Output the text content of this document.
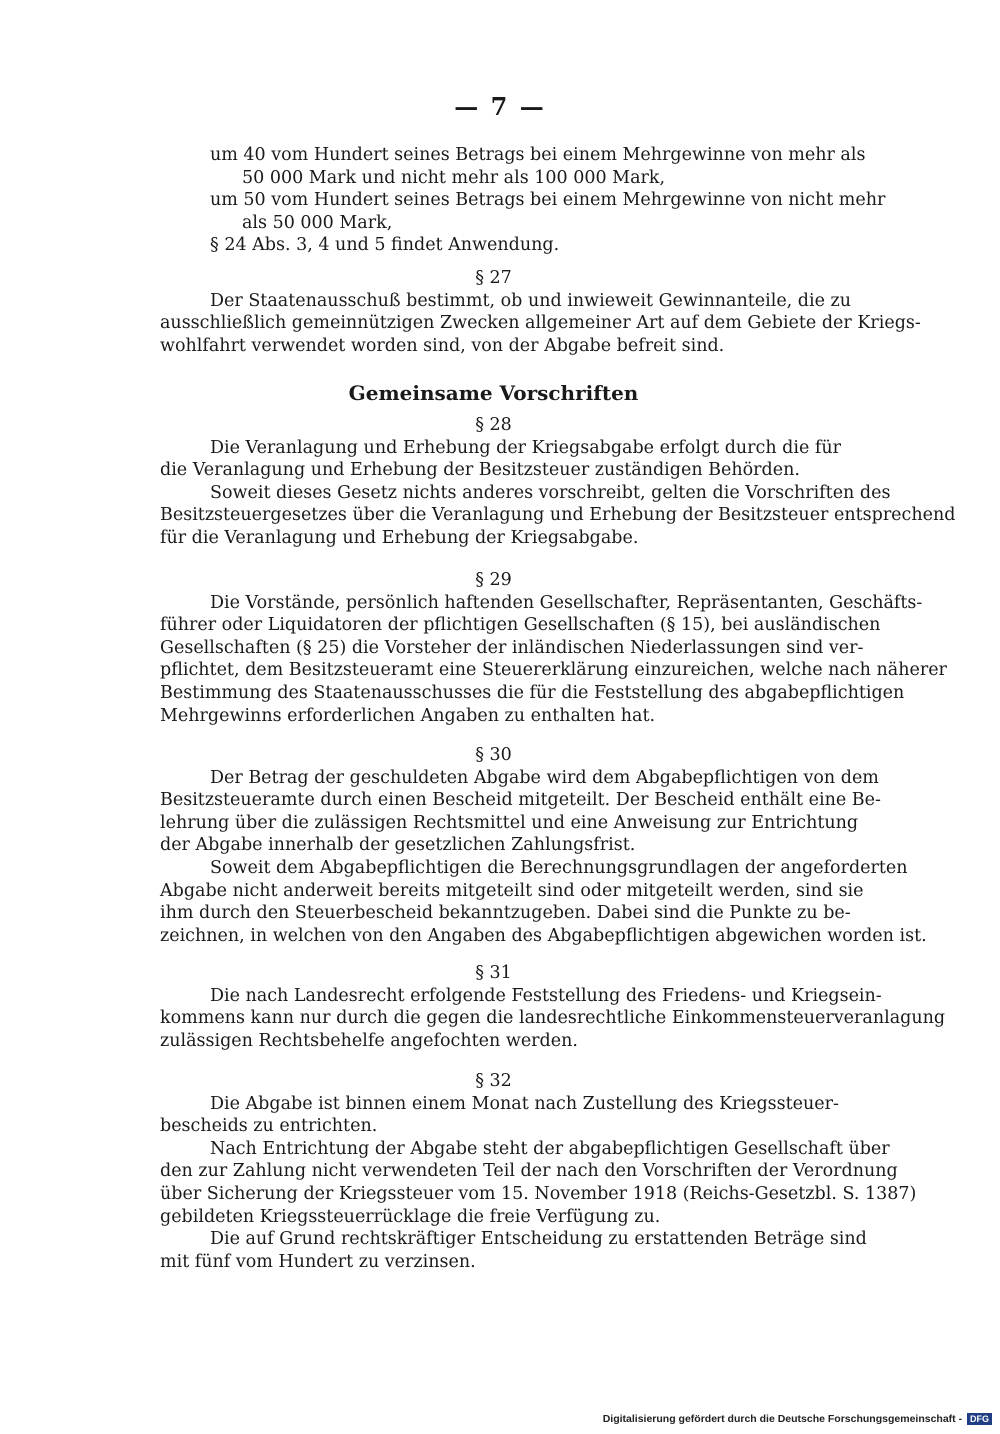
— 7 —
um 40 vom Hundert seines Betrags bei einem Mehrgewinne von mehr als
50 000 Mark und nicht mehr als 100 000 Mark,
um 50 vom Hundert seines Betrags bei einem Mehrgewinne von nicht mehr
als 50 000 Mark,
§ 24 Abs. 3, 4 und 5 findet Anwendung.
§ 27
Der Staatenausschuß bestimmt, ob und inwieweit Gewinnanteile, die zu
ausschließlich gemeinnützigen Zwecken allgemeiner Art auf dem Gebiete der Kriegs-
wohlfahrt verwendet worden sind, von der Abgabe befreit sind.
Gemeinsame Vorschriften
§ 28
Die Veranlagung und Erhebung der Kriegsabgabe erfolgt durch die für
die Veranlagung und Erhebung der Besitzsteuer zuständigen Behörden.
Soweit dieses Gesetz nichts anderes vorschreibt, gelten die Vorschriften des
Besitzsteuergesetzes über die Veranlagung und Erhebung der Besitzsteuer entsprechend
für die Veranlagung und Erhebung der Kriegsabgabe.
§ 29
Die Vorstände, persönlich haftenden Gesellschafter, Repräsentanten, Geschäfts-
führer oder Liquidatoren der pflichtigen Gesellschaften (§ 15), bei ausländischen
Gesellschaften (§ 25) die Vorsteher der inländischen Niederlassungen sind ver-
pflichtet, dem Besitzsteueramt eine Steuererklärung einzureichen, welche nach näherer
Bestimmung des Staatenausschusses die für die Feststellung des abgabepflichtigen
Mehrgewinns erforderlichen Angaben zu enthalten hat.
§ 30
Der Betrag der geschuldeten Abgabe wird dem Abgabepflichtigen von dem
Besitzsteueramte durch einen Bescheid mitgeteilt. Der Bescheid enthält eine Be-
lehrung über die zulässigen Rechtsmittel und eine Anweisung zur Entrichtung
der Abgabe innerhalb der gesetzlichen Zahlungsfrist.
Soweit dem Abgabepflichtigen die Berechnungsgrundlagen der angeforderten
Abgabe nicht anderweit bereits mitgeteilt sind oder mitgeteilt werden, sind sie
ihm durch den Steuerbescheid bekanntzugeben. Dabei sind die Punkte zu be-
zeichnen, in welchen von den Angaben des Abgabepflichtigen abgewichen worden ist.
§ 31
Die nach Landesrecht erfolgende Feststellung des Friedens- und Kriegsein-
kommens kann nur durch die gegen die landesrechtliche Einkommensteuerveranlagung
zulässigen Rechtsbehelfe angefochten werden.
§ 32
Die Abgabe ist binnen einem Monat nach Zustellung des Kriegssteuer-
bescheids zu entrichten.
Nach Entrichtung der Abgabe steht der abgabepflichtigen Gesellschaft über
den zur Zahlung nicht verwendeten Teil der nach den Vorschriften der Verordnung
über Sicherung der Kriegssteuer vom 15. November 1918 (Reichs-Gesetzbl. S. 1387)
gebildeten Kriegssteuerrücklage die freie Verfügung zu.
Die auf Grund rechtskräftiger Entscheidung zu erstattenden Beträge sind
mit fünf vom Hundert zu verzinsen.
Digitalisierung gefördert durch die Deutsche Forschungsgemeinschaft - DFG
